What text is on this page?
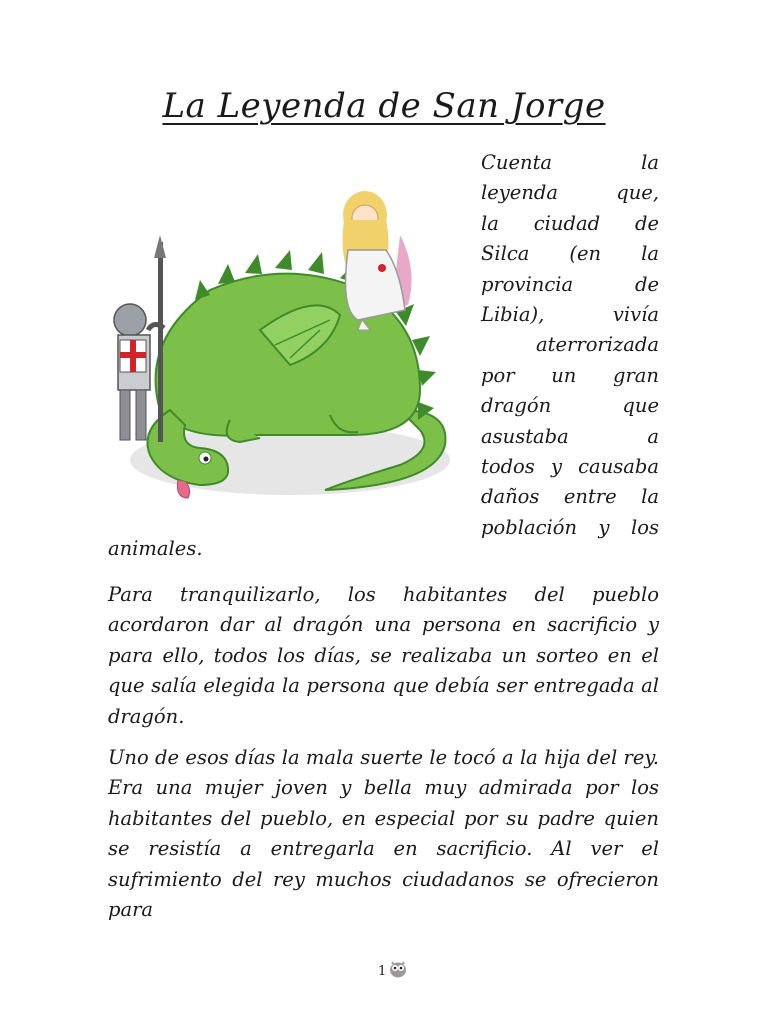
La Leyenda de San Jorge
Cuenta la
leyenda que,
la ciudad de
Silca (en la
provincia de
Libia), vivía
aterrorizada
por un gran
dragón que
asustaba a
todos y causaba
daños entre la
población y los
animales.
Para tranquilizarlo, los habitantes del pueblo acordaron dar al dragón una persona en sacrificio y para ello, todos los días, se realizaba un sorteo en el que salía elegida la persona que debía ser entregada al dragón.
Uno de esos días la mala suerte le tocó a la hija del rey. Era una mujer joven y bella muy admirada por los habitantes del pueblo, en especial por su padre quien se resistía a entregarla en sacrificio. Al ver el sufrimiento del rey muchos ciudadanos se ofrecieron para
1
